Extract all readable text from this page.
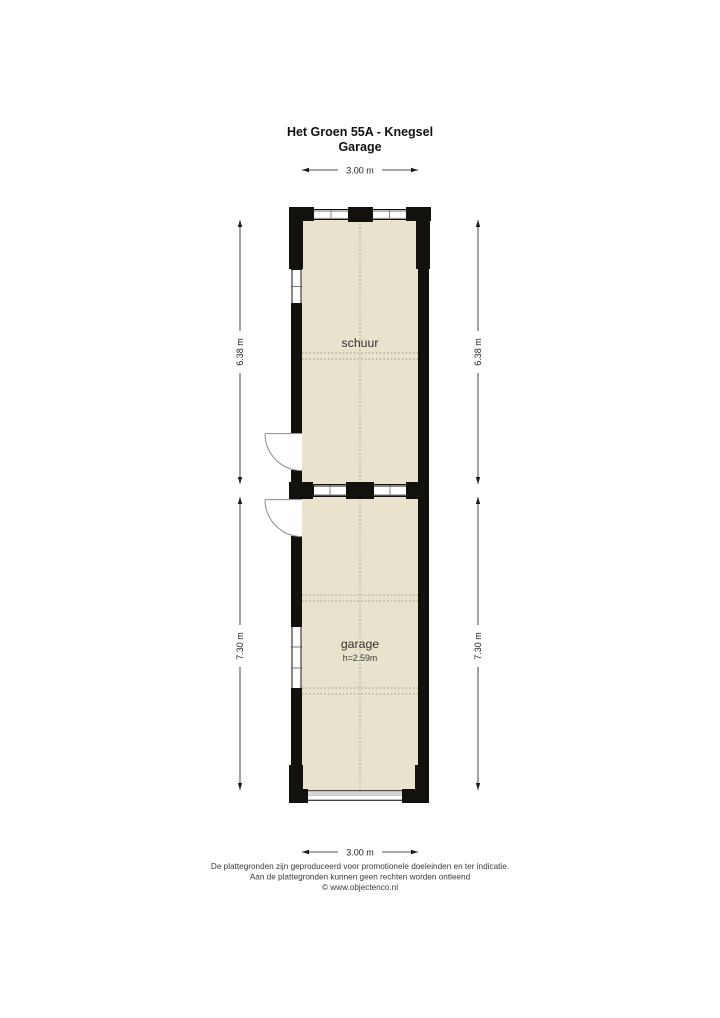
Het Groen 55A - Knegsel
Garage
3.00 m
schuur
garage
h=2.59m
6.38 m
7.30 m
6.38 m
7.30 m
3.00 m
De plattegronden zijn geproduceerd voor promotionele doeleinden en ter indicatie.
Aan de plattegronden kunnen geen rechten worden ontleend
© www.objectenco.nl
